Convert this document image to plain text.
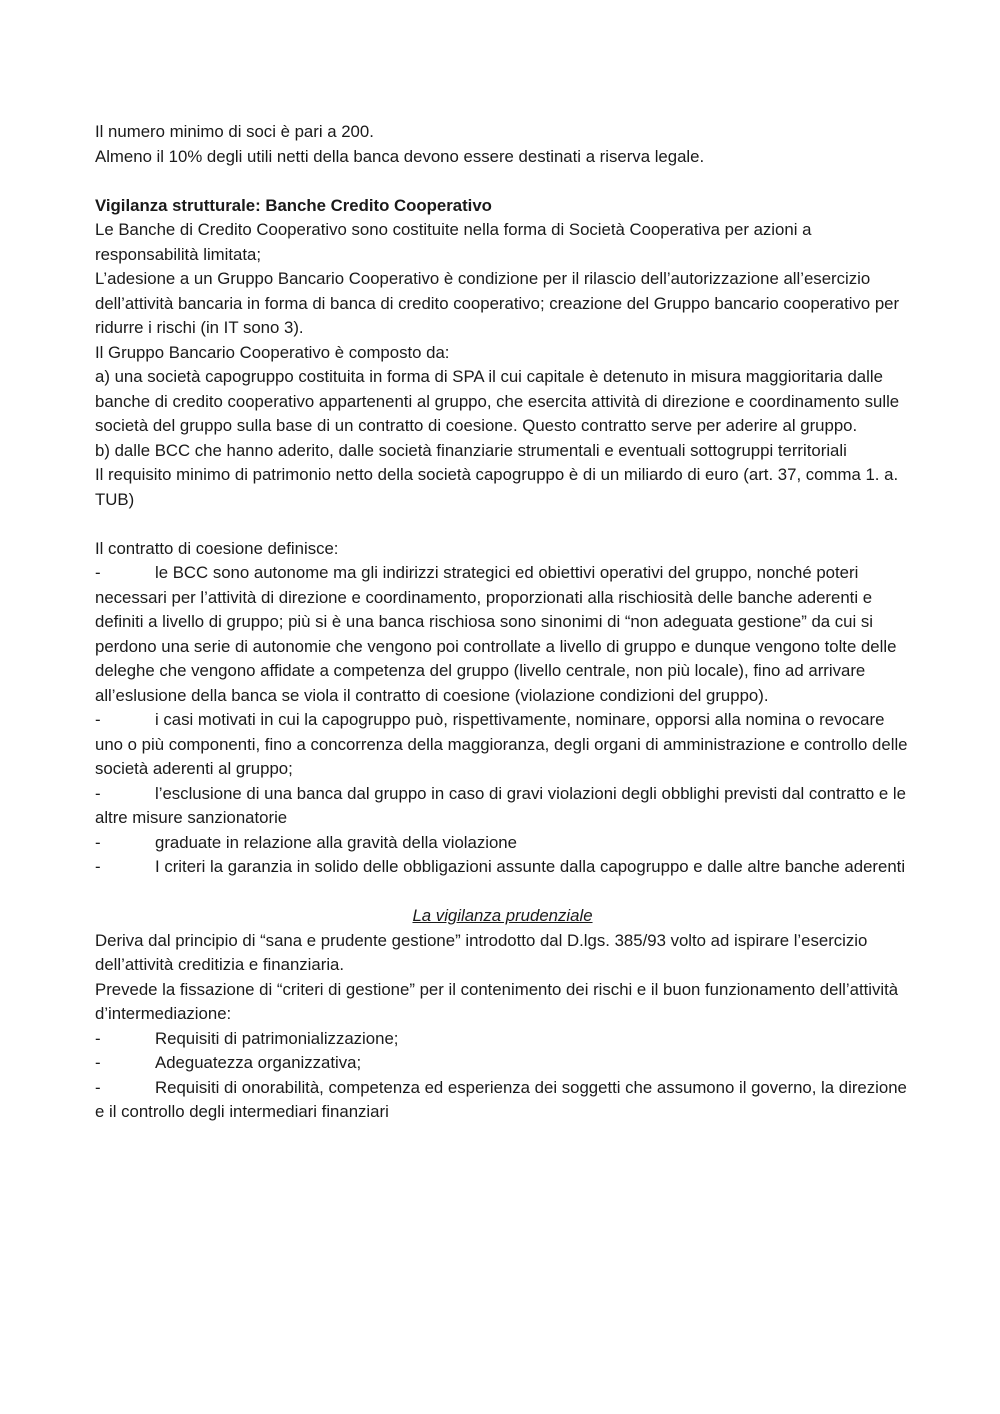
Il numero minimo di soci è pari a 200.

Almeno il 10% degli utili netti della banca devono essere destinati a riserva legale.

Vigilanza strutturale: Banche Credito Cooperativo

Le Banche di Credito Cooperativo sono costituite nella forma di Società Cooperativa per azioni a responsabilità limitata;

L’adesione a un Gruppo Bancario Cooperativo è condizione per il rilascio dell’autorizzazione all’esercizio dell’attività bancaria in forma di banca di credito cooperativo; creazione del Gruppo bancario cooperativo per ridurre i rischi (in IT sono 3).

Il Gruppo Bancario Cooperativo è composto da:

a) una società capogruppo costituita in forma di SPA il cui capitale è detenuto in misura maggioritaria dalle banche di credito cooperativo appartenenti al gruppo, che esercita attività di direzione e coordinamento sulle società del gruppo sulla base di un contratto di coesione. Questo contratto serve per aderire al gruppo.

b) dalle BCC che hanno aderito, dalle società finanziarie strumentali e eventuali sottogruppi territoriali

Il requisito minimo di patrimonio netto della società capogruppo è di un miliardo di euro (art. 37, comma 1. a. TUB)

Il contratto di coesione definisce:

-	le BCC sono autonome ma gli indirizzi strategici ed obiettivi operativi del gruppo, nonché poteri necessari per l’attività di direzione e coordinamento, proporzionati alla rischiosità delle banche aderenti e definiti a livello di gruppo; più si è una banca rischiosa sono sinonimi di “non adeguata gestione” da cui si perdono una serie di autonomie che vengono poi controllate a livello di gruppo e dunque vengono tolte delle deleghe che vengono affidate a competenza del gruppo (livello centrale, non più locale), fino ad arrivare all’eslusione della banca se viola il contratto di coesione (violazione condizioni del gruppo).

-	i casi motivati in cui la capogruppo può, rispettivamente, nominare, opporsi alla nomina o revocare uno o più componenti, fino a concorrenza della maggioranza, degli organi di amministrazione e controllo delle società aderenti al gruppo;

-	l’esclusione di una banca dal gruppo in caso di gravi violazioni degli obblighi previsti dal contratto e le altre misure sanzionatorie

-	graduate in relazione alla gravità della violazione

-	I criteri la garanzia in solido delle obbligazioni assunte dalla capogruppo e dalle altre banche aderenti

La vigilanza prudenziale

Deriva dal principio di “sana e prudente gestione” introdotto dal D.lgs. 385/93 volto ad ispirare l’esercizio dell’attività creditizia e finanziaria.

Prevede la fissazione di “criteri di gestione” per il contenimento dei rischi e il buon funzionamento dell’attività d’intermediazione:

-	Requisiti di patrimonializzazione;

-	Adeguatezza organizzativa;

-	Requisiti di onorabilità, competenza ed esperienza dei soggetti che assumono il governo, la direzione e il controllo degli intermediari finanziari
